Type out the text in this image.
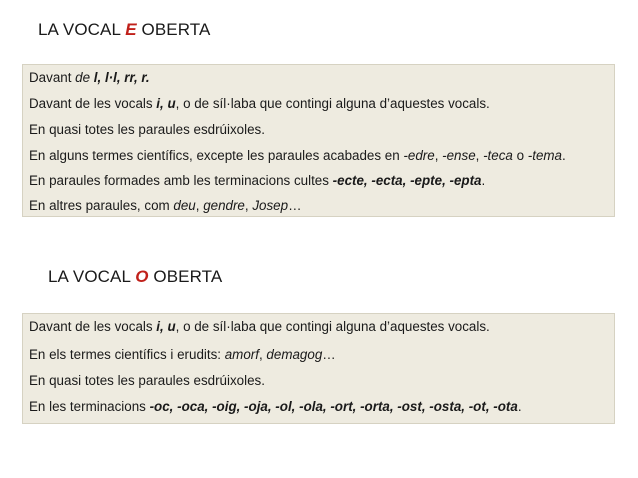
LA VOCAL E OBERTA
Davant de l, l·l, rr, r.
Davant de les vocals i, u, o de síl·laba que contingi alguna d’aquestes vocals.
En quasi totes les paraules esdrúixoles.
En alguns termes científics, excepte les paraules acabades en -edre, -ense, -teca o -tema.
En paraules formades amb les terminacions cultes -ecte, -ecta, -epte, -epta.
En altres paraules, com deu, gendre, Josep…
LA VOCAL O OBERTA
Davant de les vocals i, u, o de síl·laba que contingi alguna d’aquestes vocals.
En els termes científics i erudits: amorf, demagog…
En quasi totes les paraules esdrúixoles.
En les terminacions -oc, -oca, -oig, -oja, -ol, -ola, -ort, -orta, -ost, -osta, -ot, -ota.
